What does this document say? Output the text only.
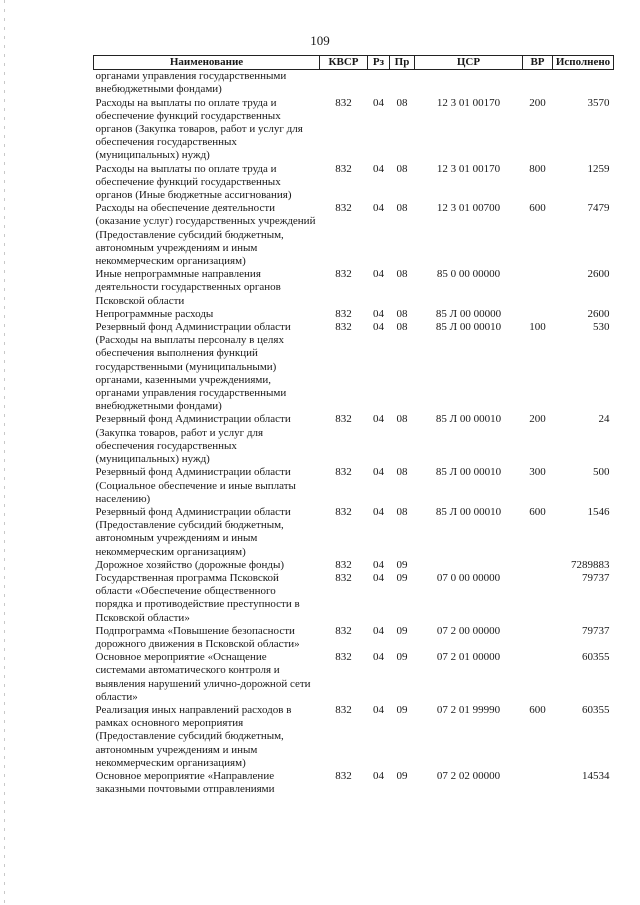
109
Наименование	КВСР	Рз	Пр	ЦСР	ВР	Исполнено
органами управления государственными внебюджетными фондами)						
Расходы на выплаты по оплате труда и обеспечение функций государственных органов (Закупка товаров, работ и услуг для обеспечения государственных (муниципальных) нужд)	832	04	08	12 3 01 00170	200	3570
Расходы на выплаты по оплате труда и обеспечение функций государственных органов (Иные бюджетные ассигнования)	832	04	08	12 3 01 00170	800	1259
Расходы на обеспечение деятельности (оказание услуг) государственных учреждений (Предоставление субсидий бюджетным, автономным учреждениям и иным некоммерческим организациям)	832	04	08	12 3 01 00700	600	7479
Иные непрограммные направления деятельности государственных органов Псковской области	832	04	08	85 0 00 00000		2600
Непрограммные расходы	832	04	08	85 Л 00 00000		2600
Резервный фонд Администрации области (Расходы на выплаты персоналу в целях обеспечения выполнения функций государственными (муниципальными) органами, казенными учреждениями, органами управления государственными внебюджетными фондами)	832	04	08	85 Л 00 00010	100	530
Резервный фонд Администрации области (Закупка товаров, работ и услуг для обеспечения государственных (муниципальных) нужд)	832	04	08	85 Л 00 00010	200	24
Резервный фонд Администрации области (Социальное обеспечение и иные выплаты населению)	832	04	08	85 Л 00 00010	300	500
Резервный фонд Администрации области (Предоставление субсидий бюджетным, автономным учреждениям и иным некоммерческим организациям)	832	04	08	85 Л 00 00010	600	1546
Дорожное хозяйство (дорожные фонды)	832	04	09			7289883
Государственная программа Псковской области «Обеспечение общественного порядка и противодействие преступности в Псковской области»	832	04	09	07 0 00 00000		79737
Подпрограмма «Повышение безопасности дорожного движения в Псковской области»	832	04	09	07 2 00 00000		79737
Основное мероприятие «Оснащение системами автоматического контроля и выявления нарушений улично-дорожной сети области»	832	04	09	07 2 01 00000		60355
Реализация иных направлений расходов в рамках основного мероприятия (Предоставление субсидий бюджетным, автономным учреждениям и иным некоммерческим организациям)	832	04	09	07 2 01 99990	600	60355
Основное мероприятие «Направление заказными почтовыми отправлениями	832	04	09	07 2 02 00000		14534
